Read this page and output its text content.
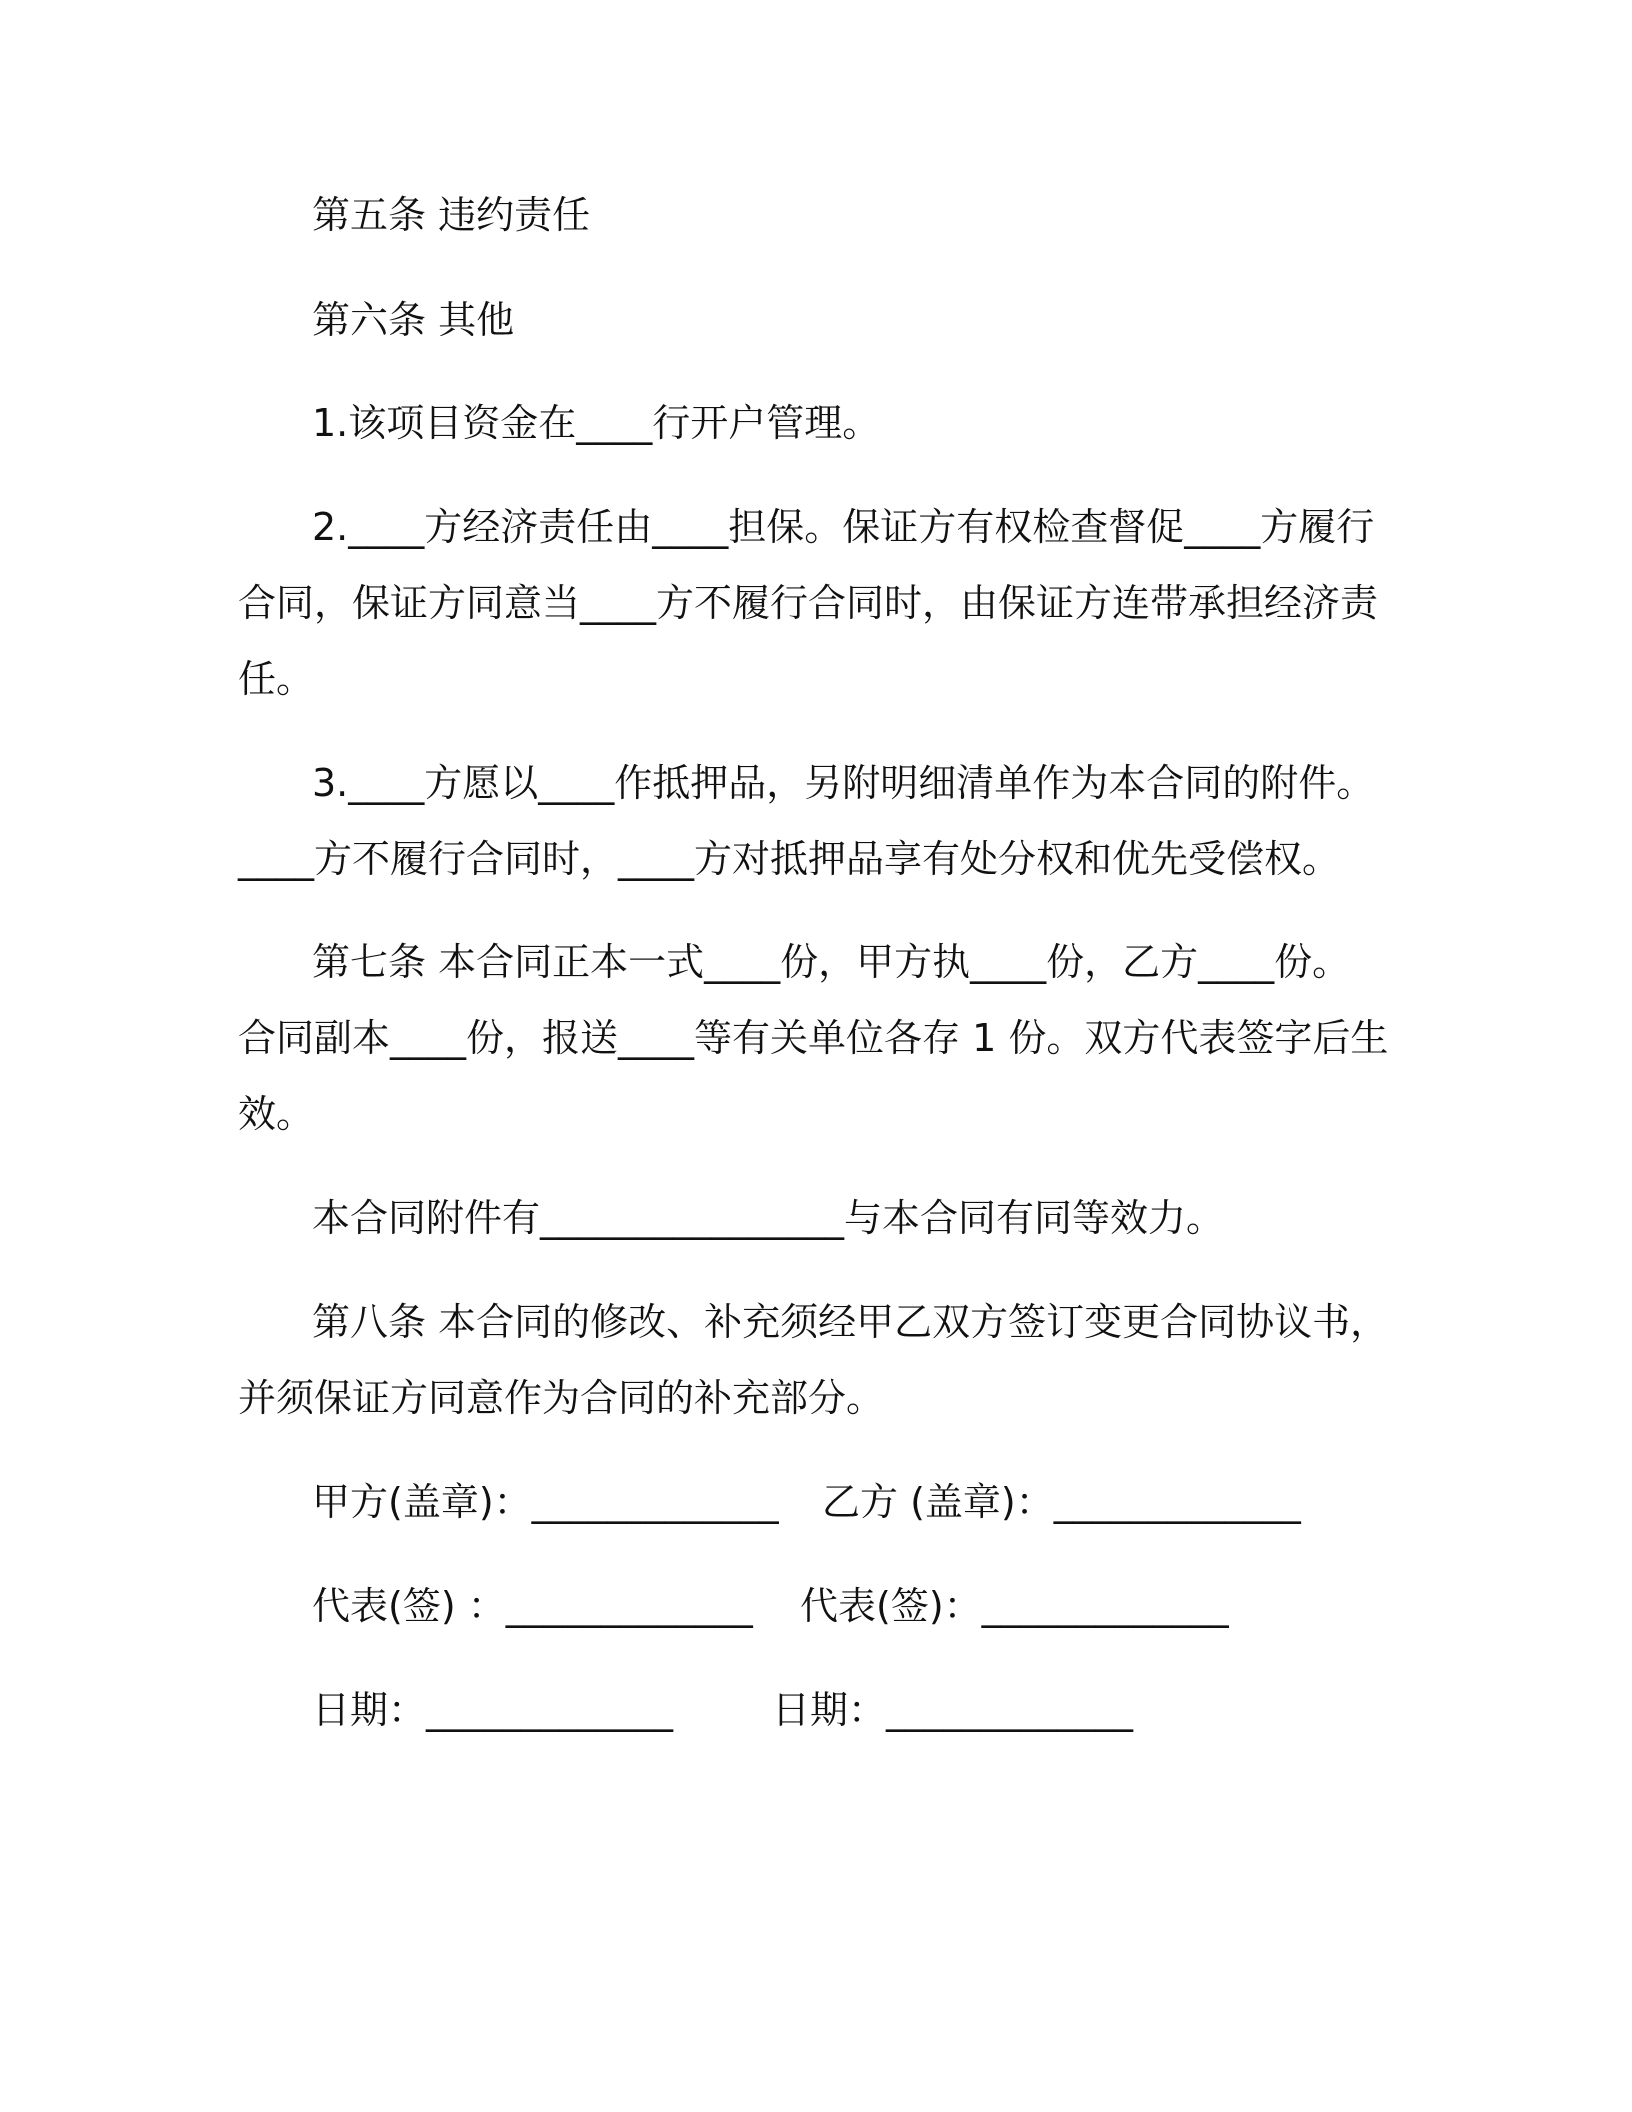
第五条 违约责任
第六条 其他
1.该项目资金在____行开户管理。
2.____方经济责任由____担保。保证方有权检查督促____方履行
合同，保证方同意当____方不履行合同时，由保证方连带承担经济责
任。
3.____方愿以____作抵押品，另附明细清单作为本合同的附件。
____方不履行合同时，____方对抵押品享有处分权和优先受偿权。
第七条 本合同正本一式____份，甲方执____份，乙方____份。
合同副本____份，报送____等有关单位各存 1 份。双方代表签字后生
效。
本合同附件有________________与本合同有同等效力。
第八条 本合同的修改、补充须经甲乙双方签订变更合同协议书，
并须保证方同意作为合同的补充部分。
甲方(盖章)：_____________ 乙方 (盖章)：_____________
代表(签) ：_____________ 代表(签)：_____________
日期：_____________	日期：_____________
